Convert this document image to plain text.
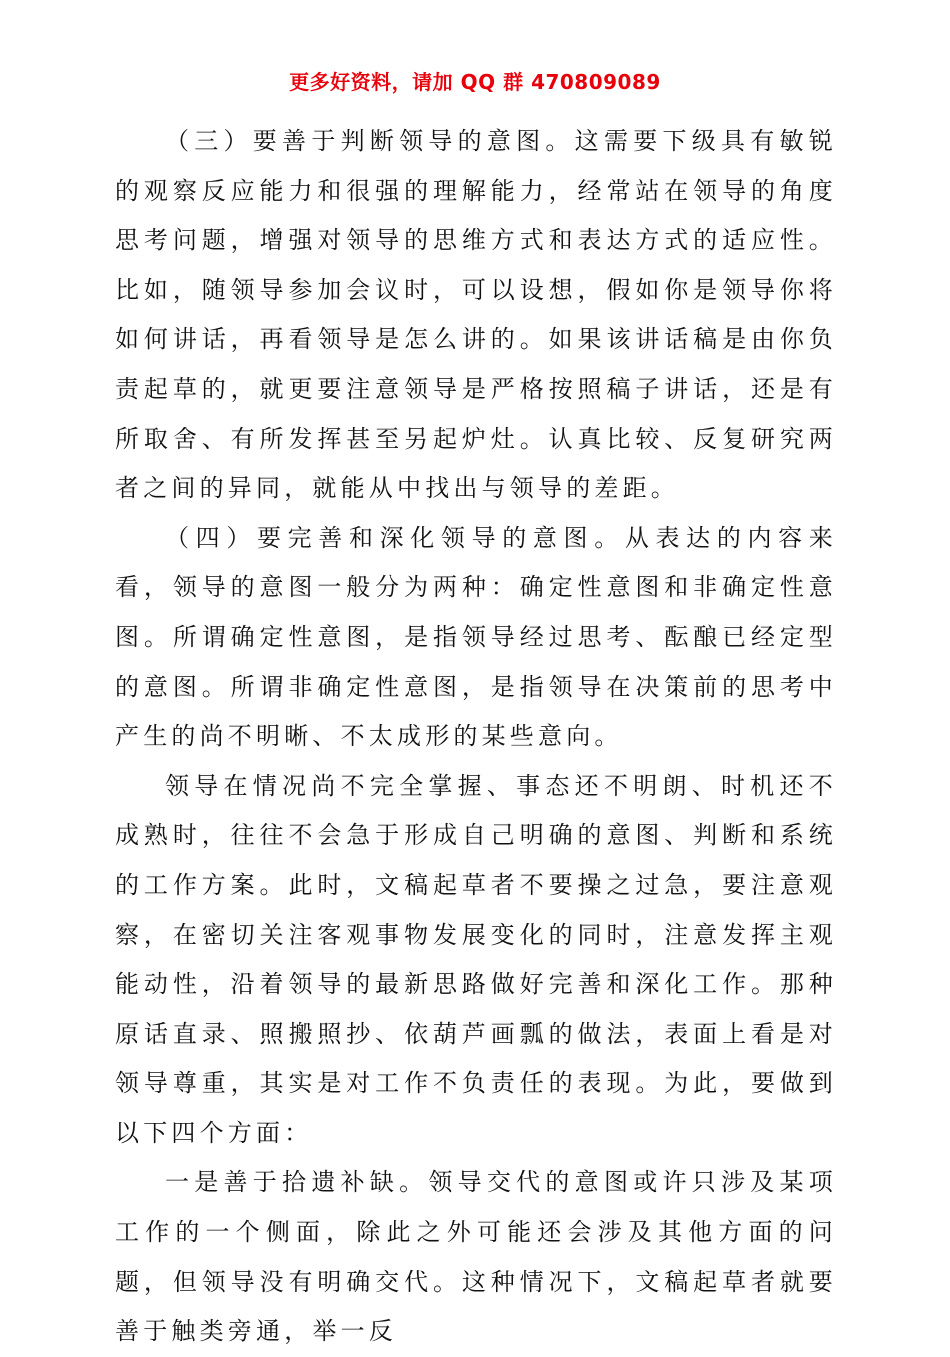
更多好资料，请加 QQ 群 470809089

（三）要善于判断领导的意图。这需要下级具有敏锐的观察反应能力和很强的理解能力，经常站在领导的角度思考问题，增强对领导的思维方式和表达方式的适应性。比如，随领导参加会议时，可以设想，假如你是领导你将如何讲话，再看领导是怎么讲的。如果该讲话稿是由你负责起草的，就更要注意领导是严格按照稿子讲话，还是有所取舍、有所发挥甚至另起炉灶。认真比较、反复研究两者之间的异同，就能从中找出与领导的差距。

（四）要完善和深化领导的意图。从表达的内容来看，领导的意图一般分为两种：确定性意图和非确定性意图。所谓确定性意图，是指领导经过思考、酝酿已经定型的意图。所谓非确定性意图，是指领导在决策前的思考中产生的尚不明晰、不太成形的某些意向。

领导在情况尚不完全掌握、事态还不明朗、时机还不成熟时，往往不会急于形成自己明确的意图、判断和系统的工作方案。此时，文稿起草者不要操之过急，要注意观察，在密切关注客观事物发展变化的同时，注意发挥主观能动性，沿着领导的最新思路做好完善和深化工作。那种原话直录、照搬照抄、依葫芦画瓢的做法，表面上看是对领导尊重，其实是对工作不负责任的表现。为此，要做到以下四个方面：

一是善于拾遗补缺。领导交代的意图或许只涉及某项工作的一个侧面，除此之外可能还会涉及其他方面的问题，但领导没有明确交代。这种情况下，文稿起草者就要善于触类旁通，举一反
